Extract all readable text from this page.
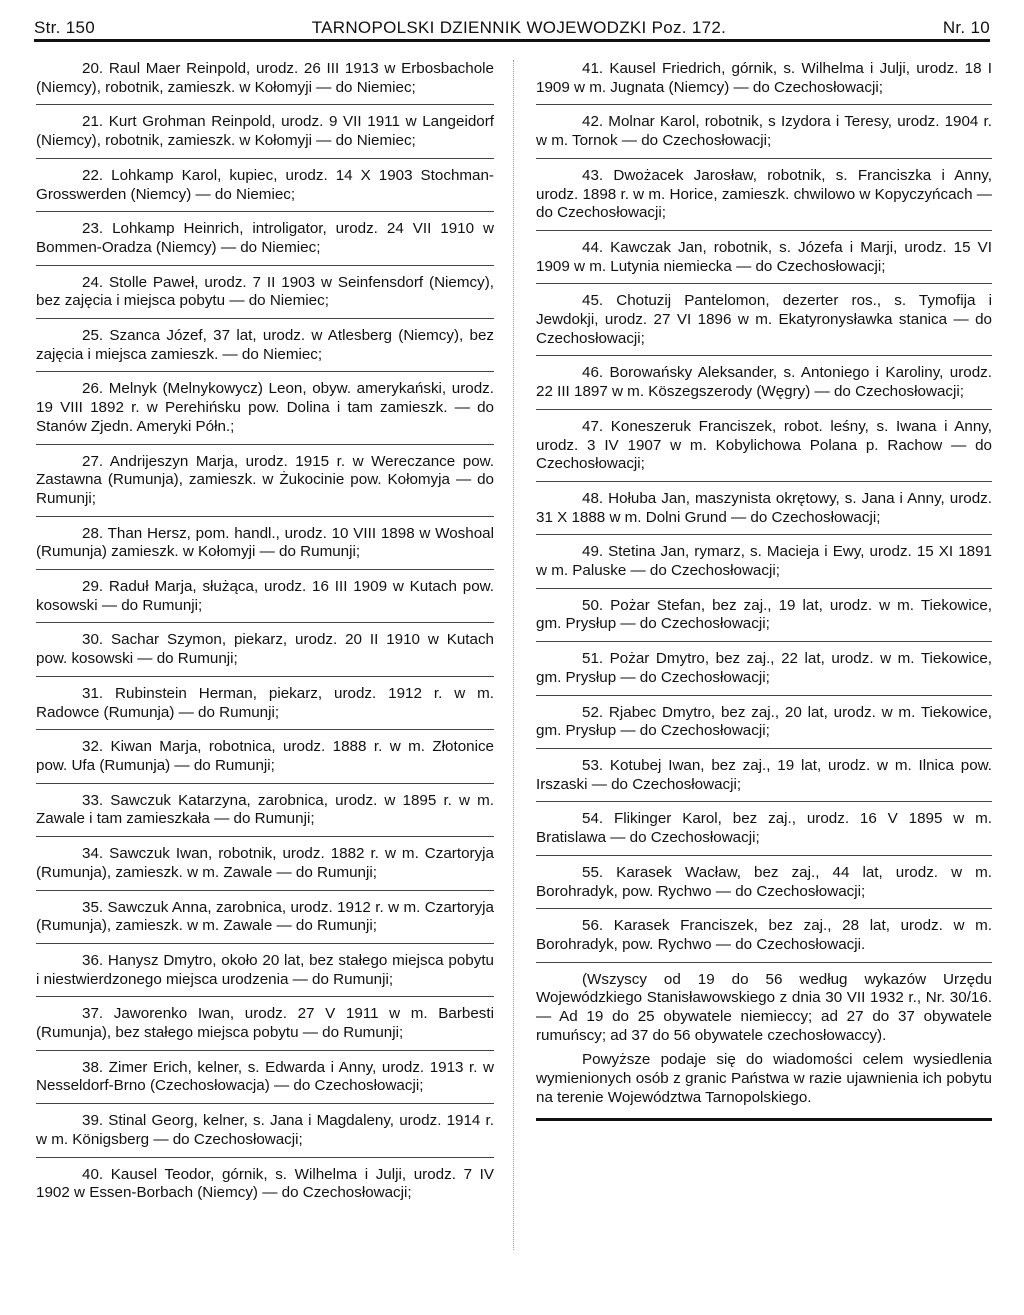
Str. 150	TARNOPOLSKI DZIENNIK WOJEWODZKI Poz. 172.	Nr. 10

20. Raul Maer Reinpold, urodz. 26 III 1913 w Erbosbachole (Niemcy), robotnik, zamieszk. w Kołomyji — do Niemiec;

21. Kurt Grohman Reinpold, urodz. 9 VII 1911 w Langeidorf (Niemcy), robotnik, zamieszk. w Kołomyji — do Niemiec;

22. Lohkamp Karol, kupiec, urodz. 14 X 1903 Stochman-Grosswerden (Niemcy) — do Niemiec;

23. Lohkamp Heinrich, introligator, urodz. 24 VII 1910 w Bommen-Oradza (Niemcy) — do Niemiec;

24. Stolle Paweł, urodz. 7 II 1903 w Seinfensdorf (Niemcy), bez zajęcia i miejsca pobytu — do Niemiec;

25. Szanca Józef, 37 lat, urodz. w Atlesberg (Niemcy), bez zajęcia i miejsca zamieszk. — do Niemiec;

26. Melnyk (Melnykowycz) Leon, obyw. amerykański, urodz. 19 VIII 1892 r. w Perehińsku pow. Dolina i tam zamieszk. — do Stanów Zjedn. Ameryki Półn.;

27. Andrijeszyn Marja, urodz. 1915 r. w Wereczance pow. Zastawna (Rumunja), zamieszk. w Żukocinie pow. Kołomyja — do Rumunji;

28. Than Hersz, pom. handl., urodz. 10 VIII 1898 w Woshoal (Rumunja) zamieszk. w Kołomyji — do Rumunji;

29. Raduł Marja, służąca, urodz. 16 III 1909 w Kutach pow. kosowski — do Rumunji;

30. Sachar Szymon, piekarz, urodz. 20 II 1910 w Kutach pow. kosowski — do Rumunji;

31. Rubinstein Herman, piekarz, urodz. 1912 r. w m. Radowce (Rumunja) — do Rumunji;

32. Kiwan Marja, robotnica, urodz. 1888 r. w m. Złotonice pow. Ufa (Rumunja) — do Rumunji;

33. Sawczuk Katarzyna, zarobnica, urodz. w 1895 r. w m. Zawale i tam zamieszkała — do Rumunji;

34. Sawczuk Iwan, robotnik, urodz. 1882 r. w m. Czartoryja (Rumunja), zamieszk. w m. Zawale — do Rumunji;

35. Sawczuk Anna, zarobnica, urodz. 1912 r. w m. Czartoryja (Rumunja), zamieszk. w m. Zawale — do Rumunji;

36. Hanysz Dmytro, około 20 lat, bez stałego miejsca pobytu i niestwierdzonego miejsca urodzenia — do Rumunji;

37. Jaworenko Iwan, urodz. 27 V 1911 w m. Barbesti (Rumunja), bez stałego miejsca pobytu — do Rumunji;

38. Zimer Erich, kelner, s. Edwarda i Anny, urodz. 1913 r. w Nesseldorf-Brno (Czechosłowacja) — do Czechosłowacji;

39. Stinal Georg, kelner, s. Jana i Magdaleny, urodz. 1914 r. w m. Königsberg — do Czechosłowacji;

40. Kausel Teodor, górnik, s. Wilhelma i Julji, urodz. 7 IV 1902 w Essen-Borbach (Niemcy) — do Czechosłowacji;

41. Kausel Friedrich, górnik, s. Wilhelma i Julji, urodz. 18 I 1909 w m. Jugnata (Niemcy) — do Czechosłowacji;

42. Molnar Karol, robotnik, s Izydora i Teresy, urodz. 1904 r. w m. Tornok — do Czechosłowacji;

43. Dwożacek Jarosław, robotnik, s. Franciszka i Anny, urodz. 1898 r. w m. Horice, zamieszk. chwilowo w Kopyczyńcach — do Czechosłowacji;

44. Kawczak Jan, robotnik, s. Józefa i Marji, urodz. 15 VI 1909 w m. Lutynia niemiecka — do Czechosłowacji;

45. Chotuzij Pantelomon, dezerter ros., s. Tymofija i Jewdokji, urodz. 27 VI 1896 w m. Ekatyronysławka stanica — do Czechosłowacji;

46. Borowańsky Aleksander, s. Antoniego i Karoliny, urodz. 22 III 1897 w m. Köszegszerody (Węgry) — do Czechosłowacji;

47. Koneszeruk Franciszek, robot. leśny, s. Iwana i Anny, urodz. 3 IV 1907 w m. Kobylichowa Polana p. Rachow — do Czechosłowacji;

48. Hołuba Jan, maszynista okrętowy, s. Jana i Anny, urodz. 31 X 1888 w m. Dolni Grund — do Czechosłowacji;

49. Stetina Jan, rymarz, s. Macieja i Ewy, urodz. 15 XI 1891 w m. Paluske — do Czechosłowacji;

50. Pożar Stefan, bez zaj., 19 lat, urodz. w m. Tiekowice, gm. Prysłup — do Czechosłowacji;

51. Pożar Dmytro, bez zaj., 22 lat, urodz. w m. Tiekowice, gm. Prysłup — do Czechosłowacji;

52. Rjabec Dmytro, bez zaj., 20 lat, urodz. w m. Tiekowice, gm. Prysłup — do Czechosłowacji;

53. Kotubej Iwan, bez zaj., 19 lat, urodz. w m. Ilnica pow. Irszaski — do Czechosłowacji;

54. Flikinger Karol, bez zaj., urodz. 16 V 1895 w m. Bratislawa — do Czechosłowacji;

55. Karasek Wacław, bez zaj., 44 lat, urodz. w m. Borohradyk, pow. Rychwo — do Czechosłowacji;

56. Karasek Franciszek, bez zaj., 28 lat, urodz. w m. Borohradyk, pow. Rychwo — do Czechosłowacji.

(Wszyscy od 19 do 56 według wykazów Urzędu Wojewódzkiego Stanisławowskiego z dnia 30 VII 1932 r., Nr. 30/16. — Ad 19 do 25 obywatele niemieccy; ad 27 do 37 obywatele rumuńscy; ad 37 do 56 obywatele czechosłowaccy).

Powyższe podaje się do wiadomości celem wysiedlenia wymienionych osób z granic Państwa w razie ujawnienia ich pobytu na terenie Województwa Tarnopolskiego.
